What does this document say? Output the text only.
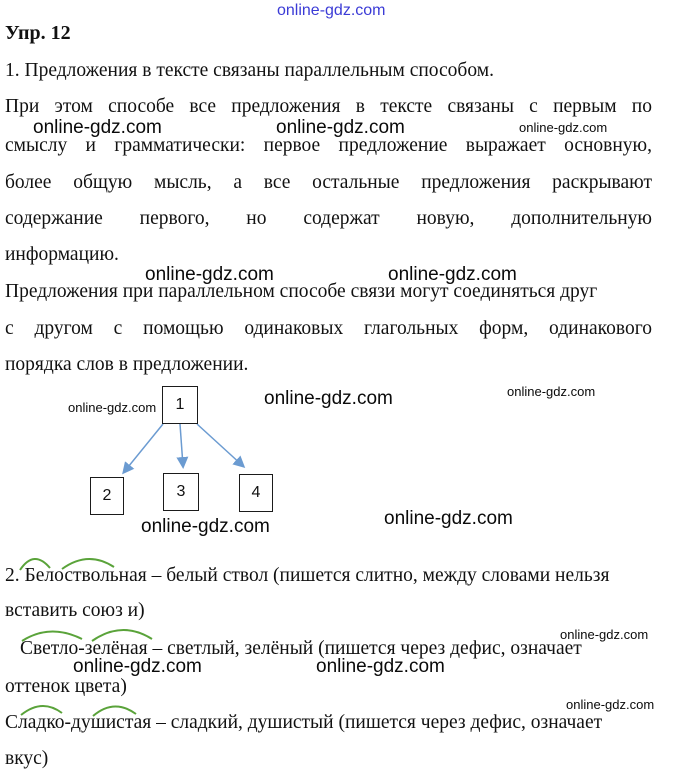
online-gdz.com
Упр. 12
1. Предложения в тексте связаны параллельным способом.
При этом способе все предложения в тексте связаны с первым по
смыслу и грамматически: первое предложение выражает основную,
более общую мысль, а все остальные предложения раскрывают
содержание первого, но содержат новую, дополнительную
информацию.
Предложения при параллельном способе связи могут соединяться друг
с другом с помощью одинаковых глагольных форм, одинакового
порядка слов в предложении.
1
2	3	4
2. Белоствольная – белый ствол (пишется слитно, между словами нельзя
вставить союз и)
Светло-зелёная – светлый, зелёный (пишется через дефис, означает
оттенок цвета)
Сладко-душистая – сладкий, душистый (пишется через дефис, означает
вкус)
online-gdz.com	online-gdz.com	online-gdz.com
online-gdz.com	online-gdz.com
online-gdz.com	online-gdz.com	online-gdz.com
online-gdz.com	online-gdz.com
online-gdz.com
online-gdz.com	online-gdz.com
online-gdz.com
